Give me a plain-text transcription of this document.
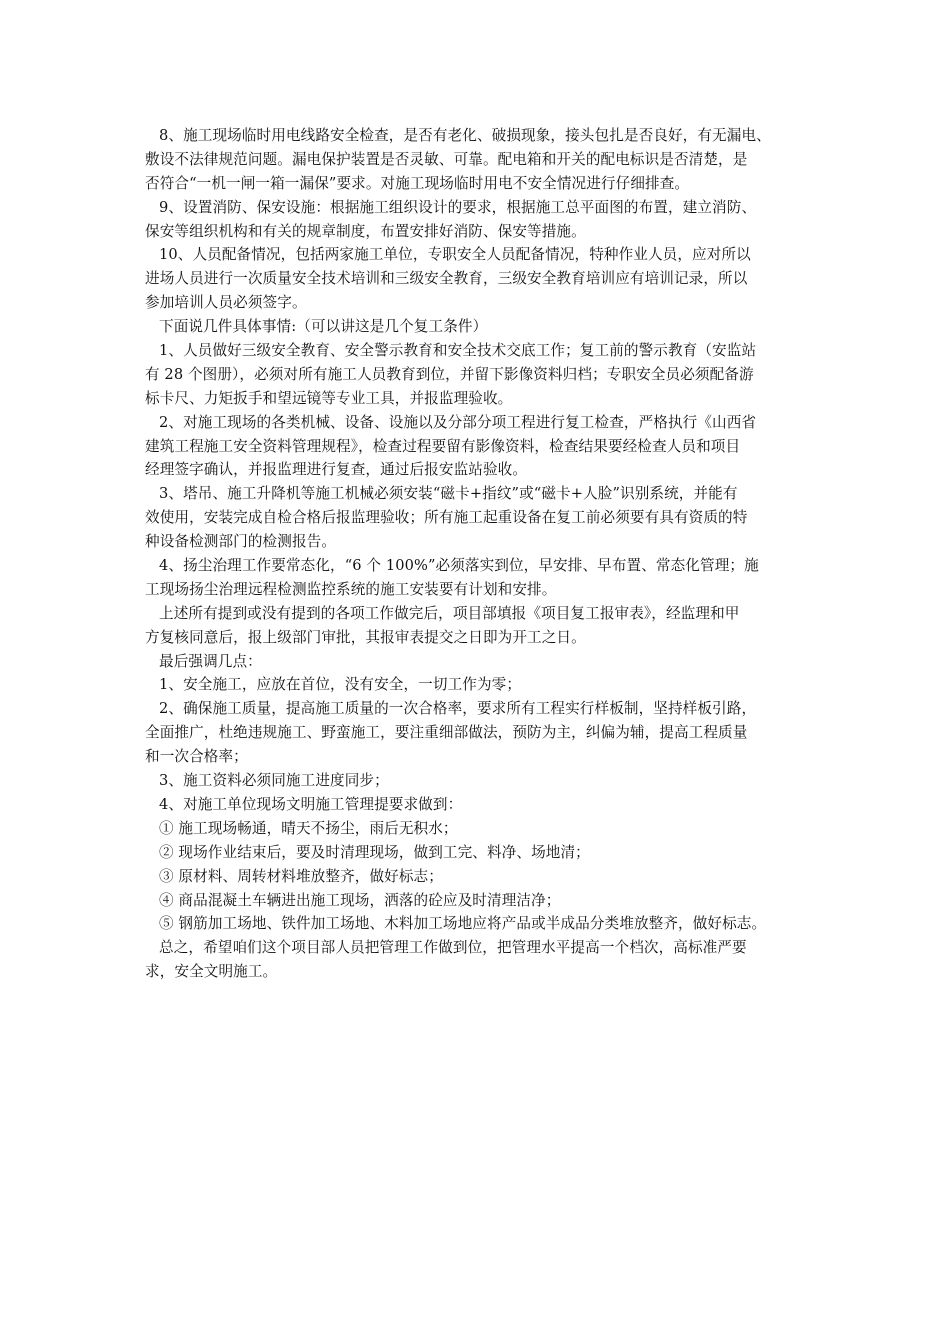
8、施工现场临时用电线路安全检查，是否有老化、破损现象，接头包扎是否良好，有无漏电、
敷设不法律规范问题。漏电保护装置是否灵敏、可靠。配电箱和开关的配电标识是否清楚，是
否符合“一机一闸一箱一漏保”要求。对施工现场临时用电不安全情况进行仔细排查。
9、设置消防、保安设施：根据施工组织设计的要求，根据施工总平面图的布置，建立消防、
保安等组织机构和有关的规章制度，布置安排好消防、保安等措施。
10、人员配备情况，包括两家施工单位，专职安全人员配备情况，特种作业人员，应对所以
进场人员进行一次质量安全技术培训和三级安全教育，三级安全教育培训应有培训记录，所以
参加培训人员必须签字。
下面说几件具体事情:（可以讲这是几个复工条件）
1、人员做好三级安全教育、安全警示教育和安全技术交底工作；复工前的警示教育（安监站
有 28 个图册），必须对所有施工人员教育到位，并留下影像资料归档；专职安全员必须配备游
标卡尺、力矩扳手和望远镜等专业工具，并报监理验收。
2、对施工现场的各类机械、设备、设施以及分部分项工程进行复工检查，严格执行《山西省
建筑工程施工安全资料管理规程》，检查过程要留有影像资料，检查结果要经检查人员和项目
经理签字确认，并报监理进行复查，通过后报安监站验收。
3、塔吊、施工升降机等施工机械必须安装“磁卡+指纹”或“磁卡+人脸”识别系统，并能有
效使用，安装完成自检合格后报监理验收；所有施工起重设备在复工前必须要有具有资质的特
种设备检测部门的检测报告。
4、扬尘治理工作要常态化，“6 个 100%”必须落实到位，早安排、早布置、常态化管理；施
工现场扬尘治理远程检测监控系统的施工安装要有计划和安排。
上述所有提到或没有提到的各项工作做完后，项目部填报《项目复工报审表》，经监理和甲
方复核同意后，报上级部门审批，其报审表提交之日即为开工之日。
最后强调几点：
1、安全施工，应放在首位，没有安全，一切工作为零；
2、确保施工质量，提高施工质量的一次合格率，要求所有工程实行样板制，坚持样板引路，
全面推广，杜绝违规施工、野蛮施工，要注重细部做法，预防为主，纠偏为辅，提高工程质量
和一次合格率；
3、施工资料必须同施工进度同步；
4、对施工单位现场文明施工管理提要求做到：
① 施工现场畅通，晴天不扬尘，雨后无积水；
② 现场作业结束后，要及时清理现场，做到工完、料净、场地清；
③ 原材料、周转材料堆放整齐，做好标志；
④ 商品混凝土车辆进出施工现场，洒落的砼应及时清理洁净；
⑤ 钢筋加工场地、铁件加工场地、木料加工场地应将产品或半成品分类堆放整齐，做好标志。
总之，希望咱们这个项目部人员把管理工作做到位，把管理水平提高一个档次，高标准严要
求，安全文明施工。
